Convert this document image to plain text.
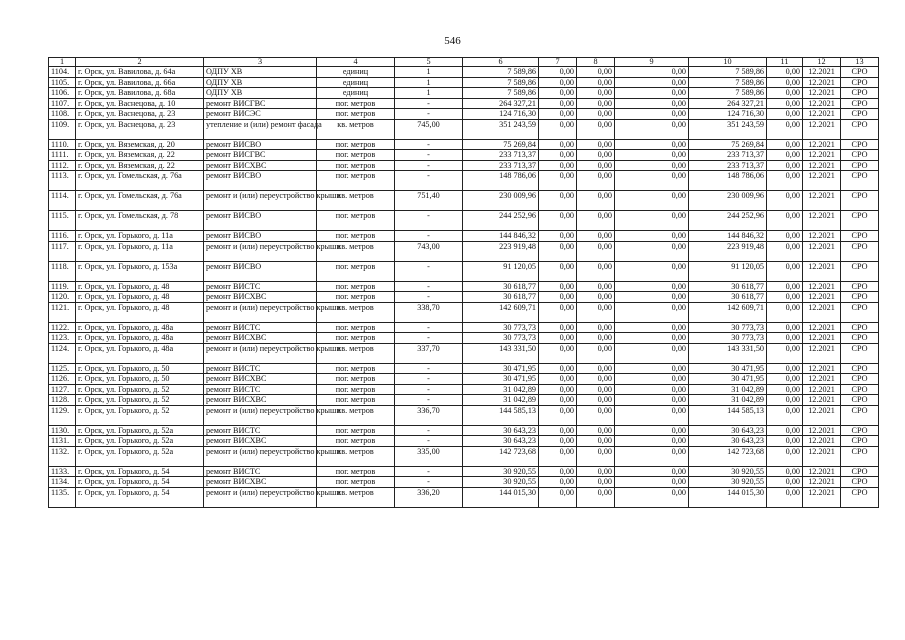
546
1	2	3	4	5	6	7	8	9	10	11	12	13
1104.	г. Орск, ул. Вавилова, д. 64а	ОДПУ ХВ	единиц	1	7 589,86	0,00	0,00	0,00	7 589,86	0,00	12.2021	СРО
1105.	г. Орск, ул. Вавилова, д. 66а	ОДПУ ХВ	единиц	1	7 589,86	0,00	0,00	0,00	7 589,86	0,00	12.2021	СРО
1106.	г. Орск, ул. Вавилова, д. 68а	ОДПУ ХВ	единиц	1	7 589,86	0,00	0,00	0,00	7 589,86	0,00	12.2021	СРО
1107.	г. Орск, ул. Васнецова, д. 10	ремонт ВИСГВС	пог. метров	-	264 327,21	0,00	0,00	0,00	264 327,21	0,00	12.2021	СРО
1108.	г. Орск, ул. Васнецова, д. 23	ремонт ВИСЭС	пог. метров	-	124 716,30	0,00	0,00	0,00	124 716,30	0,00	12.2021	СРО
1109.	г. Орск, ул. Васнецова, д. 23	утепление и (или) ремонт фасада	кв. метров	745,00	351 243,59	0,00	0,00	0,00	351 243,59	0,00	12.2021	СРО
1110.	г. Орск, ул. Вяземская, д. 20	ремонт ВИСВО	пог. метров	-	75 269,84	0,00	0,00	0,00	75 269,84	0,00	12.2021	СРО
1111.	г. Орск, ул. Вяземская, д. 22	ремонт ВИСГВС	пог. метров	-	233 713,37	0,00	0,00	0,00	233 713,37	0,00	12.2021	СРО
1112.	г. Орск, ул. Вяземская, д. 22	ремонт ВИСХВС	пог. метров	-	233 713,37	0,00	0,00	0,00	233 713,37	0,00	12.2021	СРО
1113.	г. Орск, ул. Гомельская, д. 76а	ремонт ВИСВО	пог. метров	-	148 786,06	0,00	0,00	0,00	148 786,06	0,00	12.2021	СРО
1114.	г. Орск, ул. Гомельская, д. 76а	ремонт и (или) переустройство крыши	кв. метров	751,40	230 009,96	0,00	0,00	0,00	230 009,96	0,00	12.2021	СРО
1115.	г. Орск, ул. Гомельская, д. 78	ремонт ВИСВО	пог. метров	-	244 252,96	0,00	0,00	0,00	244 252,96	0,00	12.2021	СРО
1116.	г. Орск, ул. Горького, д. 11а	ремонт ВИСВО	пог. метров	-	144 846,32	0,00	0,00	0,00	144 846,32	0,00	12.2021	СРО
1117.	г. Орск, ул. Горького, д. 11а	ремонт и (или) переустройство крыши	кв. метров	743,00	223 919,48	0,00	0,00	0,00	223 919,48	0,00	12.2021	СРО
1118.	г. Орск, ул. Горького, д. 153а	ремонт ВИСВО	пог. метров	-	91 120,05	0,00	0,00	0,00	91 120,05	0,00	12.2021	СРО
1119.	г. Орск, ул. Горького, д. 48	ремонт ВИСТС	пог. метров	-	30 618,77	0,00	0,00	0,00	30 618,77	0,00	12.2021	СРО
1120.	г. Орск, ул. Горького, д. 48	ремонт ВИСХВС	пог. метров	-	30 618,77	0,00	0,00	0,00	30 618,77	0,00	12.2021	СРО
1121.	г. Орск, ул. Горького, д. 48	ремонт и (или) переустройство крыши	кв. метров	338,70	142 609,71	0,00	0,00	0,00	142 609,71	0,00	12.2021	СРО
1122.	г. Орск, ул. Горького, д. 48а	ремонт ВИСТС	пог. метров	-	30 773,73	0,00	0,00	0,00	30 773,73	0,00	12.2021	СРО
1123.	г. Орск, ул. Горького, д. 48а	ремонт ВИСХВС	пог. метров	-	30 773,73	0,00	0,00	0,00	30 773,73	0,00	12.2021	СРО
1124.	г. Орск, ул. Горького, д. 48а	ремонт и (или) переустройство крыши	кв. метров	337,70	143 331,50	0,00	0,00	0,00	143 331,50	0,00	12.2021	СРО
1125.	г. Орск, ул. Горького, д. 50	ремонт ВИСТС	пог. метров	-	30 471,95	0,00	0,00	0,00	30 471,95	0,00	12.2021	СРО
1126.	г. Орск, ул. Горького, д. 50	ремонт ВИСХВС	пог. метров	-	30 471,95	0,00	0,00	0,00	30 471,95	0,00	12.2021	СРО
1127.	г. Орск, ул. Горького, д. 52	ремонт ВИСТС	пог. метров	-	31 042,89	0,00	0,00	0,00	31 042,89	0,00	12.2021	СРО
1128.	г. Орск, ул. Горького, д. 52	ремонт ВИСХВС	пог. метров	-	31 042,89	0,00	0,00	0,00	31 042,89	0,00	12.2021	СРО
1129.	г. Орск, ул. Горького, д. 52	ремонт и (или) переустройство крыши	кв. метров	336,70	144 585,13	0,00	0,00	0,00	144 585,13	0,00	12.2021	СРО
1130.	г. Орск, ул. Горького, д. 52а	ремонт ВИСТС	пог. метров	-	30 643,23	0,00	0,00	0,00	30 643,23	0,00	12.2021	СРО
1131.	г. Орск, ул. Горького, д. 52а	ремонт ВИСХВС	пог. метров	-	30 643,23	0,00	0,00	0,00	30 643,23	0,00	12.2021	СРО
1132.	г. Орск, ул. Горького, д. 52а	ремонт и (или) переустройство крыши	кв. метров	335,00	142 723,68	0,00	0,00	0,00	142 723,68	0,00	12.2021	СРО
1133.	г. Орск, ул. Горького, д. 54	ремонт ВИСТС	пог. метров	-	30 920,55	0,00	0,00	0,00	30 920,55	0,00	12.2021	СРО
1134.	г. Орск, ул. Горького, д. 54	ремонт ВИСХВС	пог. метров	-	30 920,55	0,00	0,00	0,00	30 920,55	0,00	12.2021	СРО
1135.	г. Орск, ул. Горького, д. 54	ремонт и (или) переустройство крыши	кв. метров	336,20	144 015,30	0,00	0,00	0,00	144 015,30	0,00	12.2021	СРО
